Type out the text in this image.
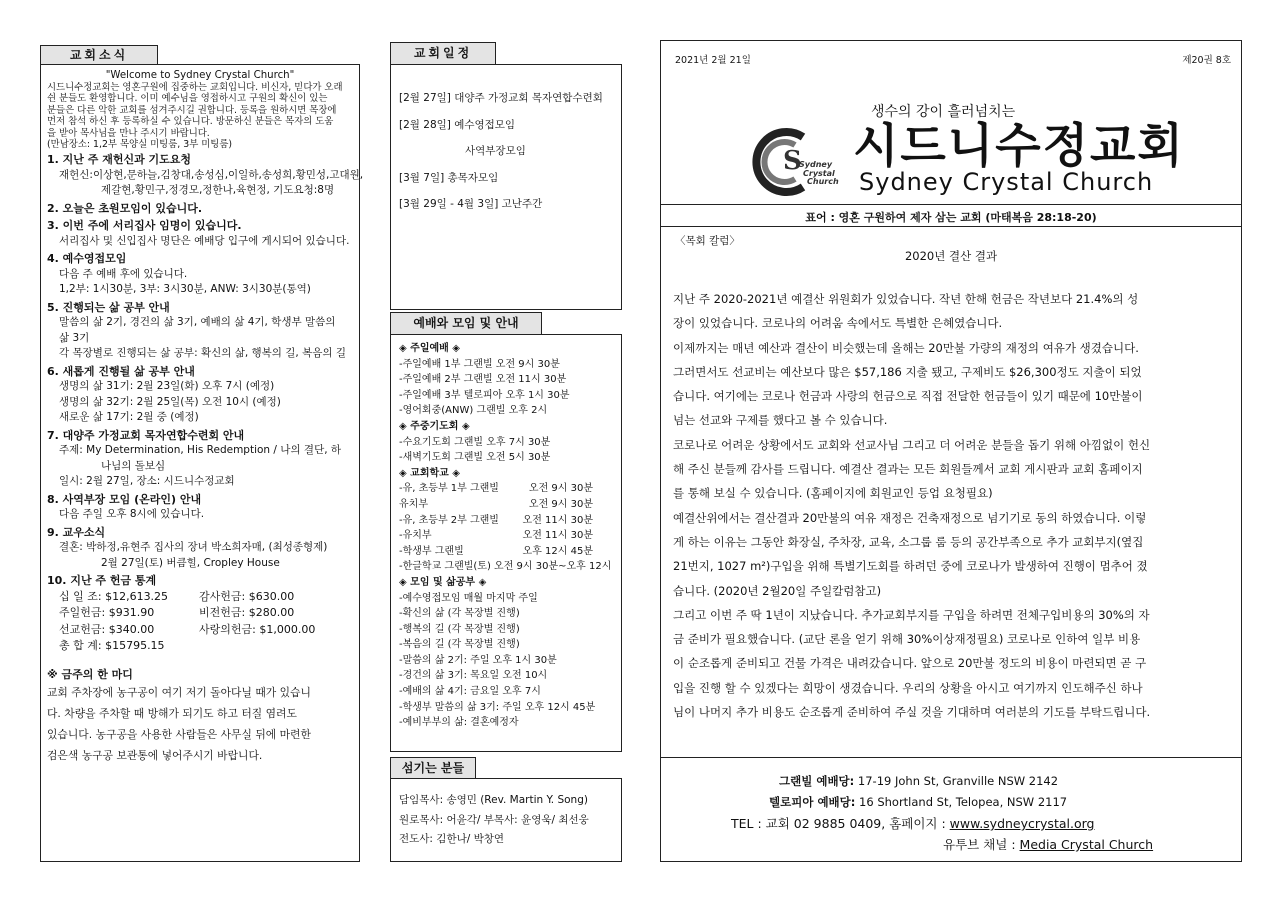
교회소식
"Welcome to Sydney Crystal Church"
시드니수정교회는 영혼구원에 집중하는 교회입니다. 비신자, 믿다가 오래
쉰 분들도 환영합니다. 이미 예수님을 영접하시고 구원의 확신이 있는
분들은 다른 악한 교회를 섬겨주시길 권합니다. 등록을 원하시면 목장에
먼저 참석 하신 후 등록하실 수 있습니다. 방문하신 분들은 목자의 도움
을 받아 목사님을 만나 주시기 바랍니다.
(만남장소: 1,2부 목양실 미팅룸, 3부 미팅룸)
1. 지난 주 재헌신과 기도요청
재헌신:이상현,문하늘,김창대,송성심,이일하,송성희,황민성,고대원,
제갈현,황민구,정경모,정한나,육현정, 기도요청:8명
2. 오늘은 초원모임이 있습니다.
3. 이번 주에 서리집사 임명이 있습니다.
서리집사 및 신입집사 명단은 예배당 입구에 게시되어 있습니다.
4. 예수영접모임
다음 주 예배 후에 있습니다.
1,2부: 1시30분, 3부: 3시30분, ANW: 3시30분(통역)
5. 진행되는 삶 공부 안내
말씀의 삶 2기, 경건의 삶 3기, 예배의 삶 4기, 학생부 말씀의
삶 3기
각 목장별로 진행되는 삶 공부: 확신의 삶, 행복의 길, 복음의 길
6. 새롭게 진행될 삶 공부 안내
생명의 삶 31기: 2월 23일(화) 오후 7시 (예정)
생명의 삶 32기: 2월 25일(목) 오전 10시 (예정)
새로운 삶 17기: 2월 중 (예정)
7. 대양주 가정교회 목자연합수련회 안내
주제: My Determination, His Redemption / 나의 결단, 하
나님의 돌보심
일시: 2월 27일, 장소: 시드니수정교회
8. 사역부장 모임 (온라인) 안내
다음 주일 오후 8시에 있습니다.
9. 교우소식
결혼: 박하정,유현주 집사의 장녀 박소희자매, (최성종형제)
2월 27일(토) 버큼힐, Cropley House
10. 지난 주 헌금 통계
십 일 조: $12,613.25	감사헌금: $630.00
주일헌금: $931.90	비전헌금: $280.00
선교헌금: $340.00	사랑의헌금: $1,000.00
총 합 계: $15795.15
※ 금주의 한 마디
교회 주차장에 농구공이 여기 저기 돌아다닐 때가 있습니
다. 차량을 주차할 때 방해가 되기도 하고 터질 염려도
있습니다. 농구공을 사용한 사람들은 사무실 뒤에 마련한
검은색 농구공 보관통에 넣어주시기 바랍니다.
교회일정
[2월 27일] 대양주 가정교회 목자연합수련회
[2월 28일] 예수영접모임
사역부장모임
[3월 7일] 총목자모임
[3월 29일 - 4월 3일] 고난주간
예배와 모임 및 안내
◈ 주일예배 ◈
-주일예배 1부 그랜빌 오전 9시 30분
-주일예배 2부 그랜빌 오전 11시 30분
-주일예배 3부 텔로피아 오후 1시 30분
-영어회중(ANW) 그랜빌 오후 2시
◈ 주중기도회 ◈
-수요기도회 그랜빌 오후 7시 30분
-새벽기도회 그랜빌 오전 5시 30분
◈ 교회학교 ◈
-유, 초등부 1부 그랜빌	오전 9시 30분
유치부	오전 9시 30분
-유, 초등부 2부 그랜빌 오전 11시 30분
-유치부	오전 11시 30분
-학생부 그랜빌	오후 12시 45분
-한글학교 그랜빌(토) 오전 9시 30분~오후 12시
◈ 모임 및 삶공부 ◈
-예수영접모임 매월 마지막 주일
-확신의 삶 (각 목장별 진행)
-행복의 길 (각 목장별 진행)
-복음의 길 (각 목장별 진행)
-말씀의 삶 2기: 주일 오후 1시 30분
-경건의 삶 3기: 목요일 오전 10시
-예배의 삶 4기: 금요일 오후 7시
-학생부 말씀의 삶 3기: 주일 오후 12시 45분
-예비부부의 삶: 결혼예정자
섬기는 분들
담임목사: 송영민 (Rev. Martin Y. Song)
원로목사: 어윤각/ 부목사: 윤영욱/ 최선웅
전도사: 김한나/ 박창연
2021년 2월 21일	제20권 8호
생수의 강이 흘러넘치는
S
Sydney
Crystal
Church
시드니수정교회
Sydney Crystal Church
표어 : 영혼 구원하여 제자 삼는 교회 (마태복음 28:18-20)
〈목회 칼럼〉
2020년 결산 결과
지난 주 2020-2021년 예결산 위원회가 있었습니다. 작년 한해 헌금은 작년보다 21.4%의 성
장이 있었습니다. 코로나의 어려움 속에서도 특별한 은혜였습니다.
이제까지는 매년 예산과 결산이 비슷했는데 올해는 20만불 가량의 재정의 여유가 생겼습니다.
그러면서도 선교비는 예산보다 많은 $57,186 지출 됐고, 구제비도 $26,300정도 지출이 되었
습니다. 여기에는 코로나 헌금과 사랑의 헌금으로 직접 전달한 헌금들이 있기 때문에 10만불이
넘는 선교와 구제를 했다고 볼 수 있습니다.
코로나로 어려운 상황에서도 교회와 선교사님 그리고 더 어려운 분들을 돕기 위해 아낌없이 헌신
해 주신 분들께 감사를 드립니다. 예결산 결과는 모든 회원들께서 교회 게시판과 교회 홈페이지
를 통해 보실 수 있습니다. (홈페이지에 회원교인 등업 요청필요)
예결산위에서는 결산결과 20만불의 여유 재정은 건축재정으로 넘기기로 동의 하였습니다. 이렇
게 하는 이유는 그동안 화장실, 주차장, 교육, 소그룹 룸 등의 공간부족으로 추가 교회부지(옆집
21번지, 1027 m²)구입을 위해 특별기도회를 하려던 중에 코로나가 발생하여 진행이 멈추어 졌
습니다. (2020년 2월20일 주일칼럼참고)
그리고 이번 주 딱 1년이 지났습니다. 추가교회부지를 구입을 하려면 전체구입비용의 30%의 자
금 준비가 필요했습니다. (교단 론을 얻기 위해 30%이상재정필요) 코로나로 인하여 일부 비용
이 순조롭게 준비되고 건물 가격은 내려갔습니다. 앞으로 20만불 정도의 비용이 마련되면 곧 구
입을 진행 할 수 있겠다는 희망이 생겼습니다. 우리의 상황을 아시고 여기까지 인도해주신 하나
님이 나머지 추가 비용도 순조롭게 준비하여 주실 것을 기대하며 여러분의 기도를 부탁드립니다.
그랜빌 예배당: 17-19 John St, Granville NSW 2142
텔로피아 예배당: 16 Shortland St, Telopea, NSW 2117
TEL : 교회 02 9885 0409, 홈페이지 : www.sydneycrystal.org
유투브 채널 : Media Crystal Church
